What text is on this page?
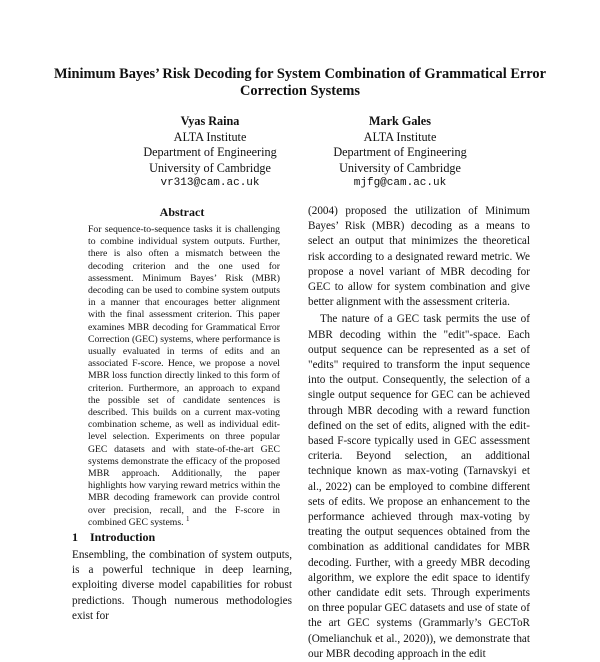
Minimum Bayes’ Risk Decoding for System Combination of Grammatical Error Correction Systems
Vyas Raina
ALTA Institute
Department of Engineering
University of Cambridge
vr313@cam.ac.uk
Mark Gales
ALTA Institute
Department of Engineering
University of Cambridge
mjfg@cam.ac.uk
Abstract
For sequence-to-sequence tasks it is challenging to combine individual system outputs. Further, there is also often a mismatch between the decoding criterion and the one used for assessment. Minimum Bayes’ Risk (MBR) decoding can be used to combine system outputs in a manner that encourages better alignment with the final assessment criterion. This paper examines MBR decoding for Grammatical Error Correction (GEC) systems, where performance is usually evaluated in terms of edits and an associated F-score. Hence, we propose a novel MBR loss function directly linked to this form of criterion. Furthermore, an approach to expand the possible set of candidate sentences is described. This builds on a current max-voting combination scheme, as well as individual edit-level selection. Experiments on three popular GEC datasets and with state-of-the-art GEC systems demonstrate the efficacy of the proposed MBR approach. Additionally, the paper highlights how varying reward metrics within the MBR decoding framework can provide control over precision, recall, and the F-score in combined GEC systems. $^1$
1 Introduction
Ensembling, the combination of system outputs, is a powerful technique in deep learning, exploiting diverse model capabilities for robust predictions. Though numerous methodologies exist for

(2004) proposed the utilization of Minimum Bayes’ Risk (MBR) decoding as a means to select an output that minimizes the theoretical risk according to a designated reward metric. We propose a novel variant of MBR decoding for GEC to allow for system combination and give better alignment with the assessment criteria.

The nature of a GEC task permits the use of MBR decoding within the "edit"-space. Each output sequence can be represented as a set of "edits" required to transform the input sequence into the output. Consequently, the selection of a single output sequence for GEC can be achieved through MBR decoding with a reward function defined on the set of edits, aligned with the edit-based F-score typically used in GEC assessment criteria. Beyond selection, an additional technique known as max-voting (Tarnavskyi et al., 2022) can be employed to combine different sets of edits. We propose an enhancement to the performance achieved through max-voting by treating the output sequences obtained from the combination as additional candidates for MBR decoding. Further, with a greedy MBR decoding algorithm, we explore the edit space to identify other candidate edit sets. Through experiments on three popular GEC datasets and use of state of the art GEC systems (Grammarly’s GECToR (Omelianchuk et al., 2020)), we demonstrate that our MBR decoding approach in the edit
